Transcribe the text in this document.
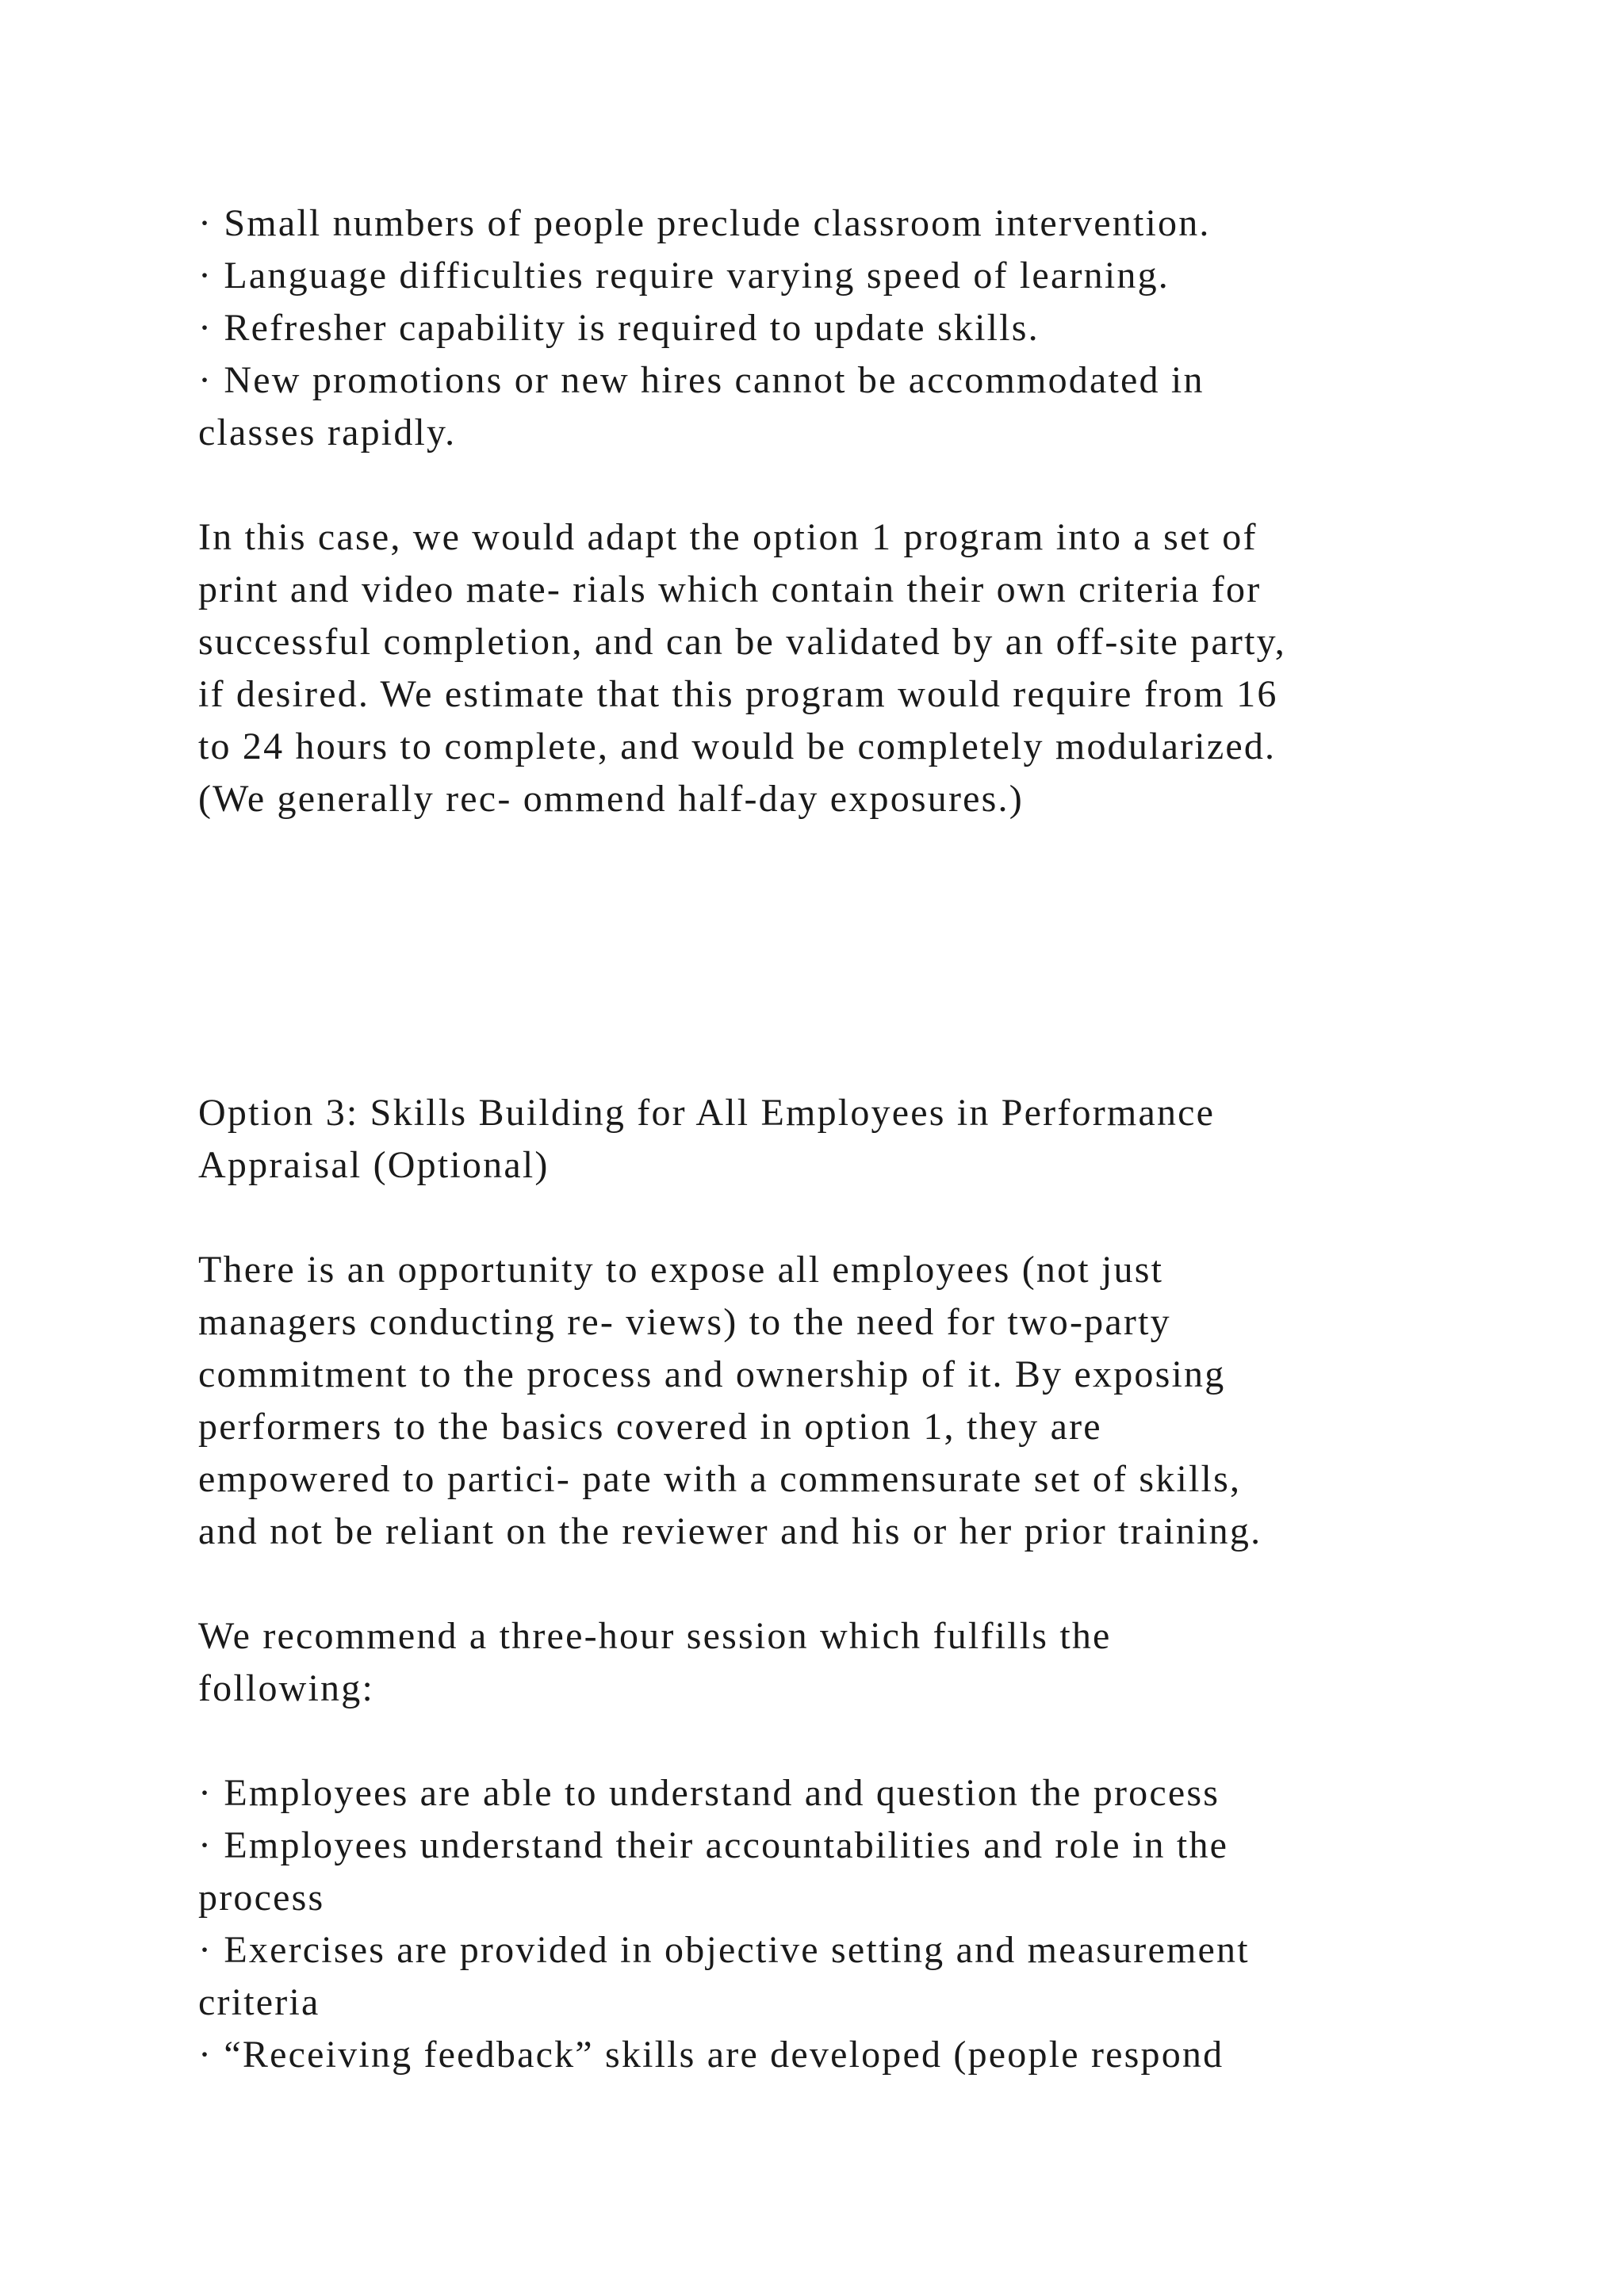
· Small numbers of people preclude classroom intervention.

· Language difficulties require varying speed of learning.

· Refresher capability is required to update skills.

· New promotions or new hires cannot be accommodated in

classes rapidly.

In this case, we would adapt the option 1 program into a set of

print and video mate- rials which contain their own criteria for

successful completion, and can be validated by an off-site party,

if desired. We estimate that this program would require from 16

to 24 hours to complete, and would be completely modularized.

(We generally rec- ommend half-day exposures.)

Option 3: Skills Building for All Employees in Performance

Appraisal (Optional)

There is an opportunity to expose all employees (not just

managers conducting re- views) to the need for two-party

commitment to the process and ownership of it. By exposing

performers to the basics covered in option 1, they are

empowered to partici- pate with a commensurate set of skills,

and not be reliant on the reviewer and his or her prior training.

We recommend a three-hour session which fulfills the

following:

· Employees are able to understand and question the process

· Employees understand their accountabilities and role in the

process

· Exercises are provided in objective setting and measurement

criteria

· “Receiving feedback” skills are developed (people respond
